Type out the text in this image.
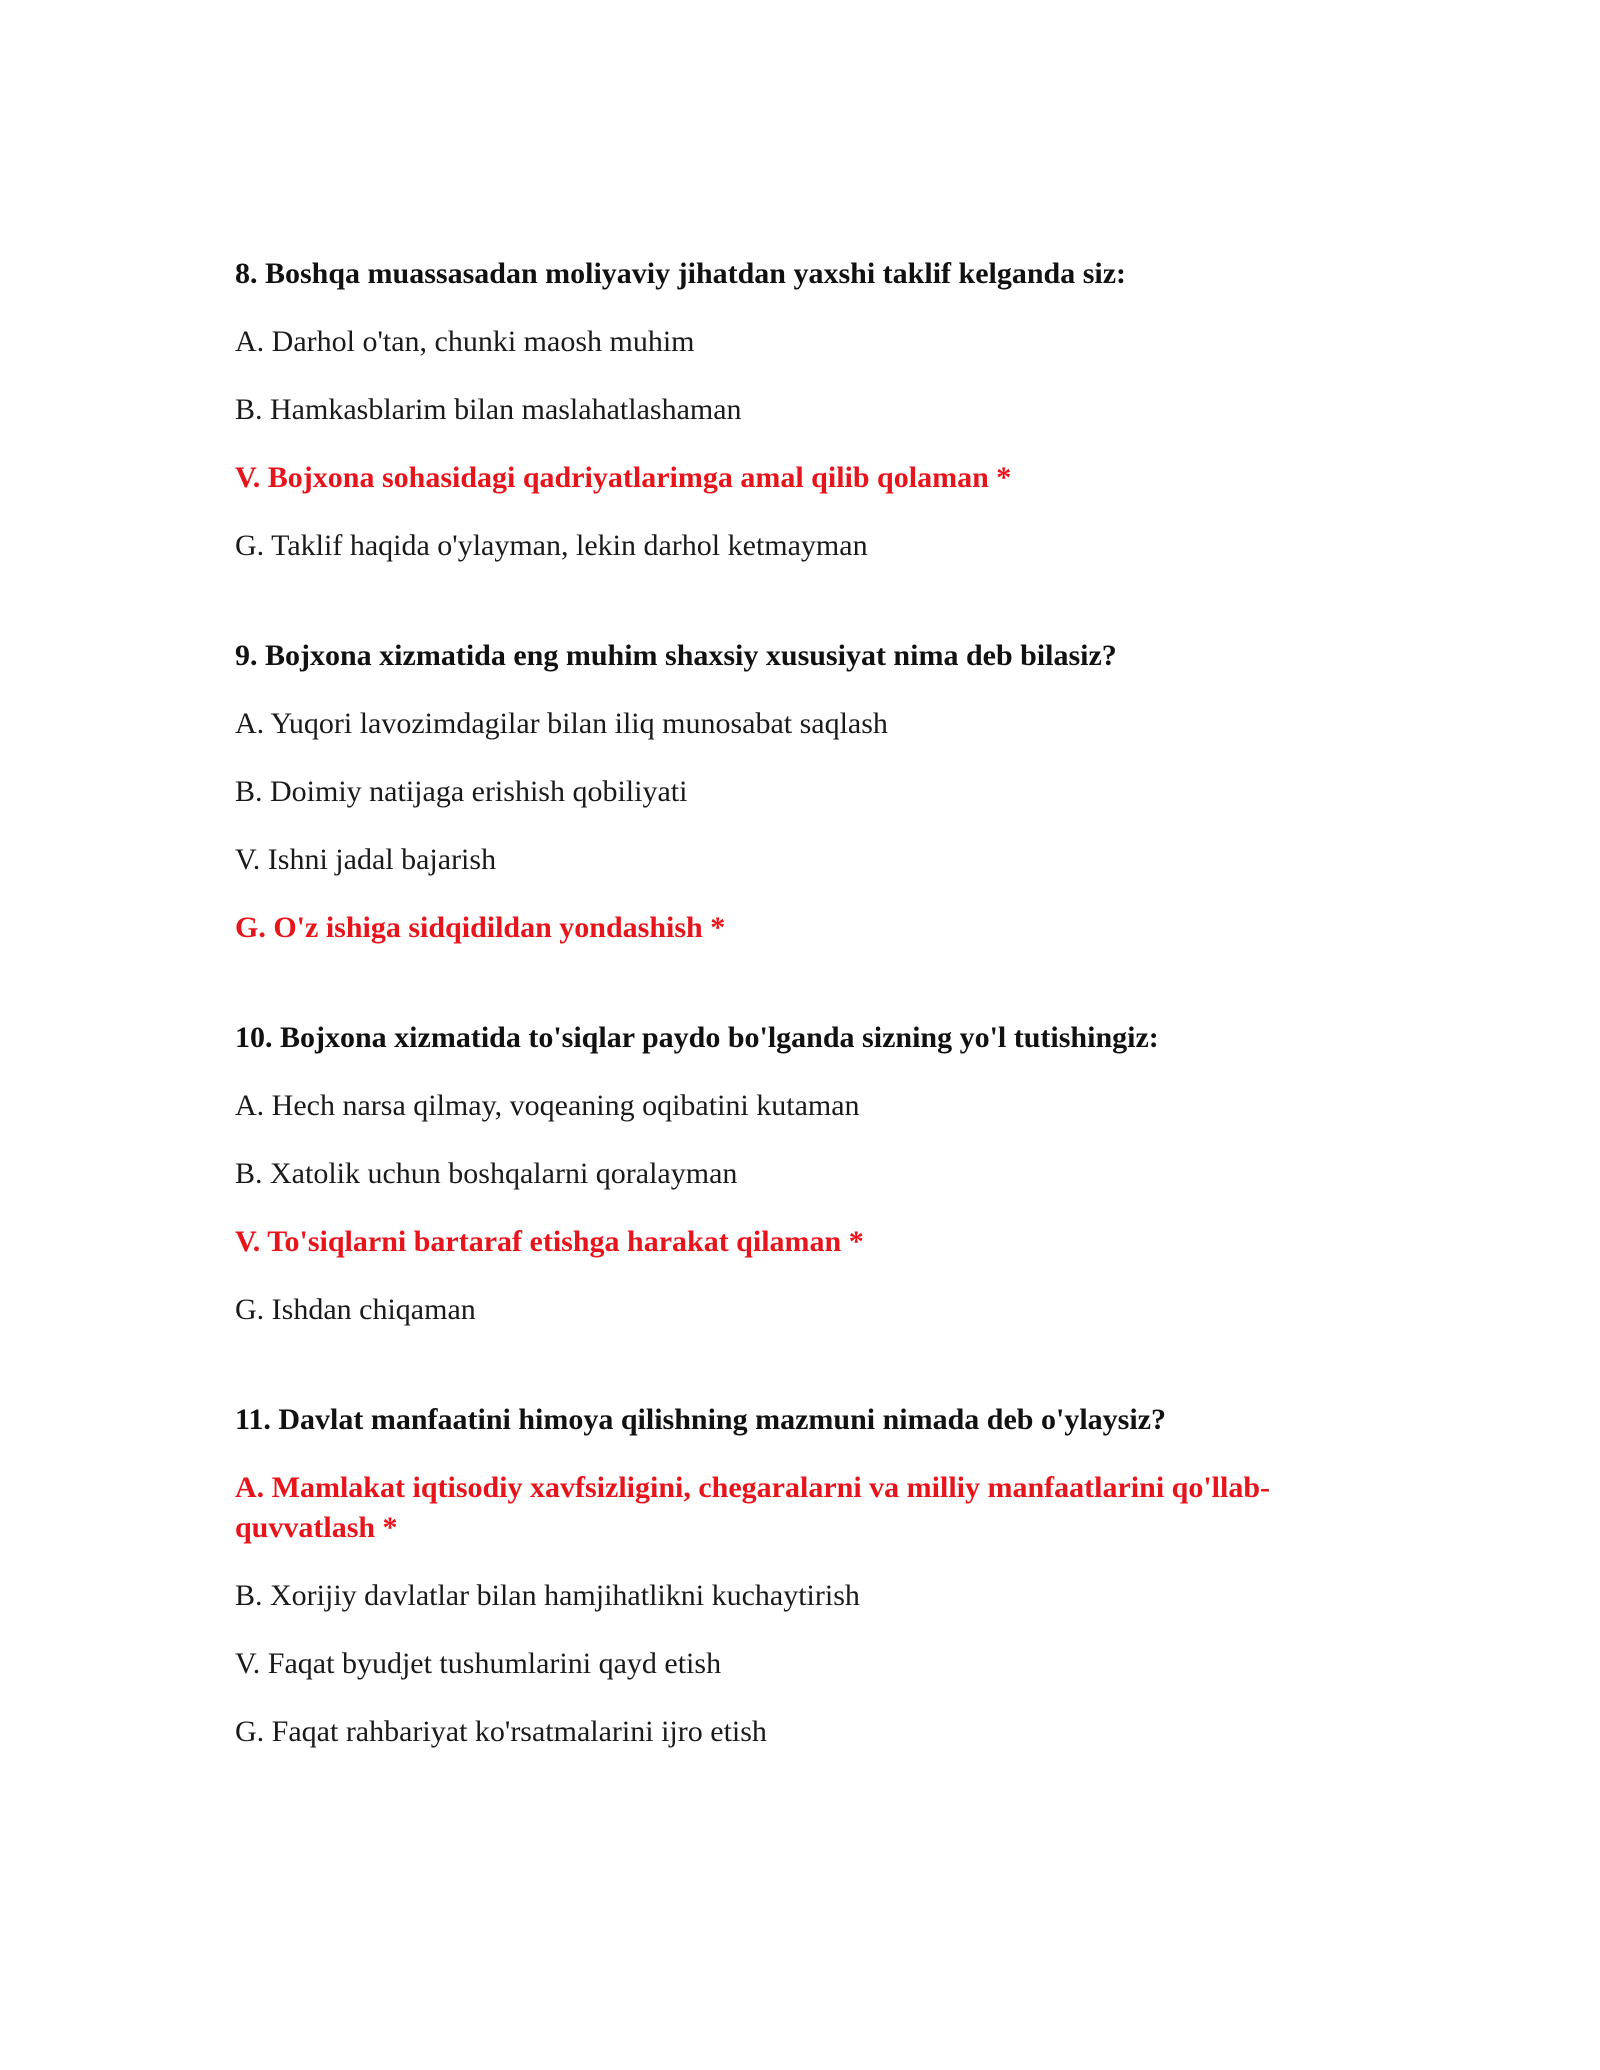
8. Boshqa muassasadan moliyaviy jihatdan yaxshi taklif kelganda siz:
A. Darhol o'tan, chunki maosh muhim
B. Hamkasblarim bilan maslahatlashaman
V. Bojxona sohasidagi qadriyatlarimga amal qilib qolaman *
G. Taklif haqida o'ylayman, lekin darhol ketmayman
9. Bojxona xizmatida eng muhim shaxsiy xususiyat nima deb bilasiz?
A. Yuqori lavozimdagilar bilan iliq munosabat saqlash
B. Doimiy natijaga erishish qobiliyati
V. Ishni jadal bajarish
G. O'z ishiga sidqidildan yondashish *
10. Bojxona xizmatida to'siqlar paydo bo'lganda sizning yo'l tutishingiz:
A. Hech narsa qilmay, voqeaning oqibatini kutaman
B. Xatolik uchun boshqalarni qoralayman
V. To'siqlarni bartaraf etishga harakat qilaman *
G. Ishdan chiqaman
11. Davlat manfaatini himoya qilishning mazmuni nimada deb o'ylaysiz?
A. Mamlakat iqtisodiy xavfsizligini, chegaralarni va milliy manfaatlarini qo'llab-quvvatlash *
B. Xorijiy davlatlar bilan hamjihatlikni kuchaytirish
V. Faqat byudjet tushumlarini qayd etish
G. Faqat rahbariyat ko'rsatmalarini ijro etish
